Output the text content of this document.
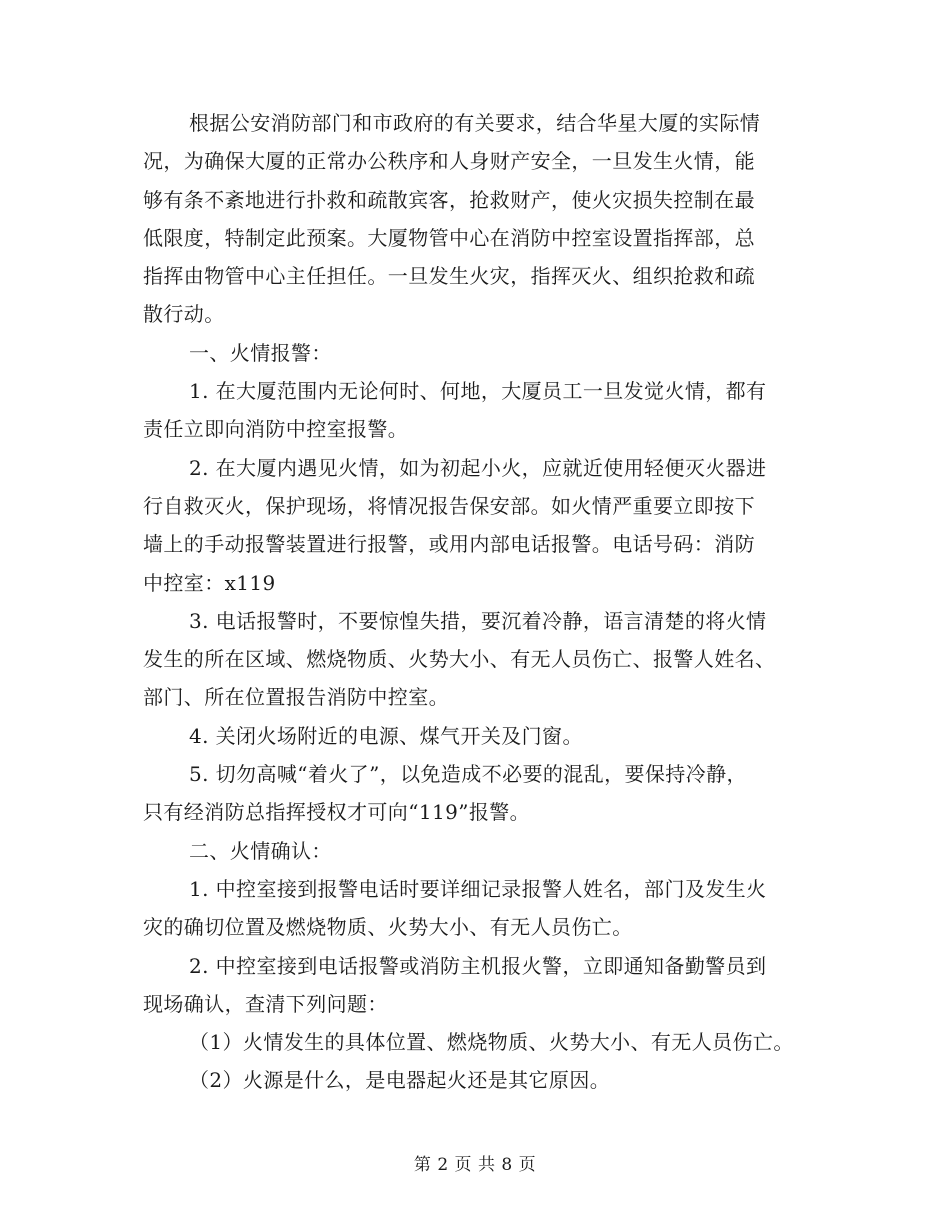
根据公安消防部门和市政府的有关要求，结合华星大厦的实际情
况，为确保大厦的正常办公秩序和人身财产安全，一旦发生火情，能
够有条不紊地进行扑救和疏散宾客，抢救财产，使火灾损失控制在最
低限度，特制定此预案。大厦物管中心在消防中控室设置指挥部，总
指挥由物管中心主任担任。一旦发生火灾，指挥灭火、组织抢救和疏
散行动。
一、火情报警：
1. 在大厦范围内无论何时、何地，大厦员工一旦发觉火情，都有
责任立即向消防中控室报警。
2. 在大厦内遇见火情，如为初起小火，应就近使用轻便灭火器进
行自救灭火，保护现场，将情况报告保安部。如火情严重要立即按下
墙上的手动报警装置进行报警，或用内部电话报警。电话号码：消防
中控室：x119
3. 电话报警时，不要惊惶失措，要沉着冷静，语言清楚的将火情
发生的所在区域、燃烧物质、火势大小、有无人员伤亡、报警人姓名、
部门、所在位置报告消防中控室。
4. 关闭火场附近的电源、煤气开关及门窗。
5. 切勿高喊“着火了”，以免造成不必要的混乱，要保持冷静，
只有经消防总指挥授权才可向“119”报警。
二、火情确认：
1. 中控室接到报警电话时要详细记录报警人姓名，部门及发生火
灾的确切位置及燃烧物质、火势大小、有无人员伤亡。
2. 中控室接到电话报警或消防主机报火警，立即通知备勤警员到
现场确认，查清下列问题：
（1）火情发生的具体位置、燃烧物质、火势大小、有无人员伤亡。
（2）火源是什么，是电器起火还是其它原因。
第 2 页 共 8 页
